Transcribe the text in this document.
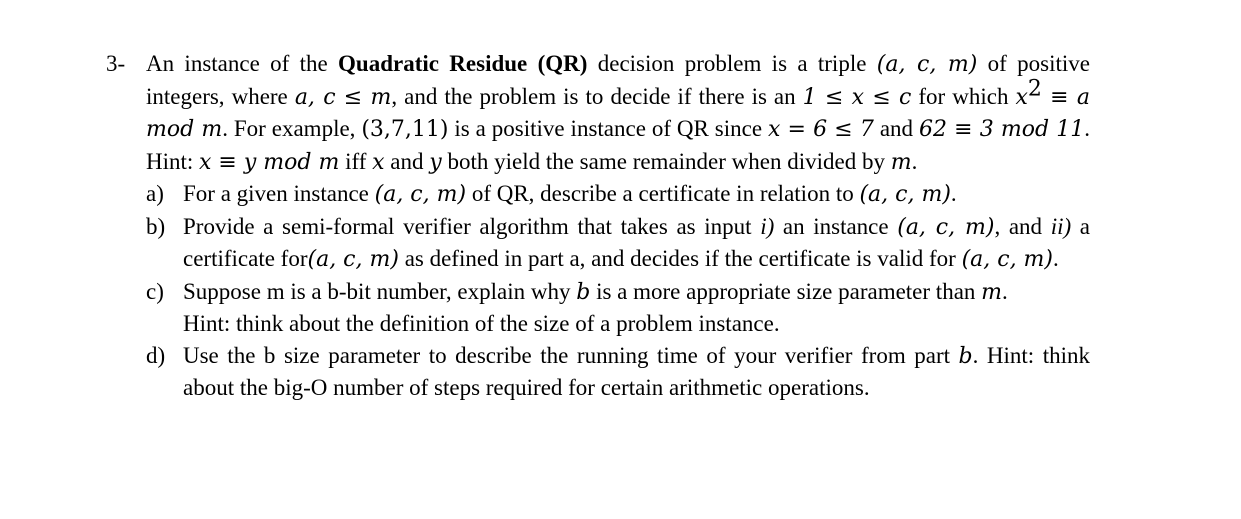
3- An instance of the Quadratic Residue (QR) decision problem is a triple (a, c, m) of positive integers, where a, c ≤ m, and the problem is to decide if there is an 1 ≤ x ≤ c for which $x^2 \equiv a$ mod m. For example, (3,7,11) is a positive instance of QR since x = 6 ≤ 7 and 62 ≡ 3 mod 11. Hint: x ≡ y mod m iff x and y both yield the same remainder when divided by m.
a) For a given instance (a, c, m) of QR, describe a certificate in relation to (a, c, m).
b) Provide a semi-formal verifier algorithm that takes as input i) an instance (a, c, m), and ii) a certificate for(a, c, m) as defined in part a, and decides if the certificate is valid for (a, c, m).
c) Suppose m is a b-bit number, explain why b is a more appropriate size parameter than m.
Hint: think about the definition of the size of a problem instance.
d) Use the b size parameter to describe the running time of your verifier from part b. Hint: think about the big-O number of steps required for certain arithmetic operations.
